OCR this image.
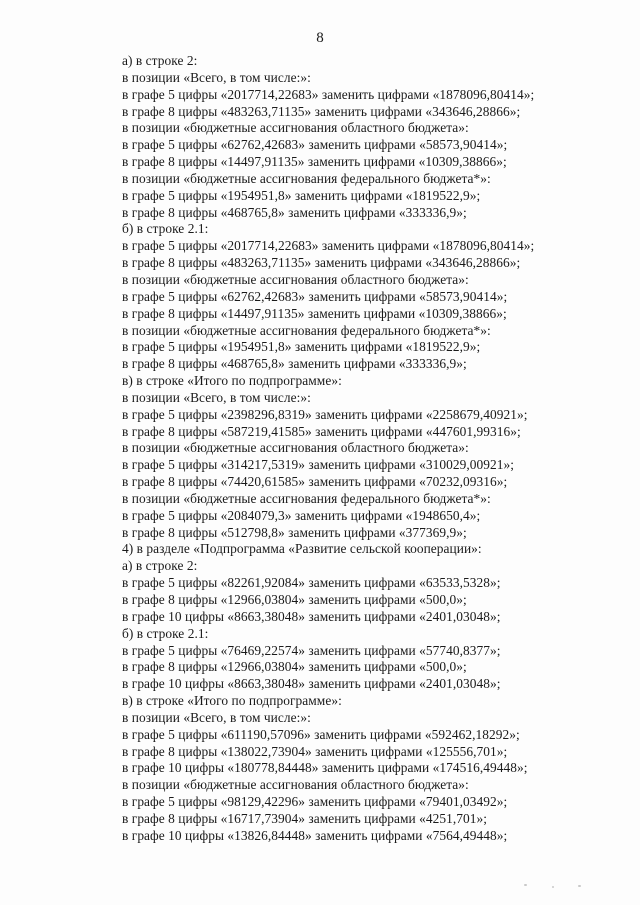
8
а) в строке 2:
в позиции «Всего, в том числе:»:
в графе 5 цифры «2017714,22683» заменить цифрами «1878096,80414»;
в графе 8 цифры «483263,71135» заменить цифрами «343646,28866»;
в позиции «бюджетные ассигнования областного бюджета»:
в графе 5 цифры «62762,42683» заменить цифрами «58573,90414»;
в графе 8 цифры «14497,91135» заменить цифрами «10309,38866»;
в позиции «бюджетные ассигнования федерального бюджета*»:
в графе 5 цифры «1954951,8» заменить цифрами «1819522,9»;
в графе 8 цифры «468765,8» заменить цифрами «333336,9»;
б) в строке 2.1:
в графе 5 цифры «2017714,22683» заменить цифрами «1878096,80414»;
в графе 8 цифры «483263,71135» заменить цифрами «343646,28866»;
в позиции «бюджетные ассигнования областного бюджета»:
в графе 5 цифры «62762,42683» заменить цифрами «58573,90414»;
в графе 8 цифры «14497,91135» заменить цифрами «10309,38866»;
в позиции «бюджетные ассигнования федерального бюджета*»:
в графе 5 цифры «1954951,8» заменить цифрами «1819522,9»;
в графе 8 цифры «468765,8» заменить цифрами «333336,9»;
в) в строке «Итого по подпрограмме»:
в позиции «Всего, в том числе:»:
в графе 5 цифры «2398296,8319» заменить цифрами «2258679,40921»;
в графе 8 цифры «587219,41585» заменить цифрами «447601,99316»;
в позиции «бюджетные ассигнования областного бюджета»:
в графе 5 цифры «314217,5319» заменить цифрами «310029,00921»;
в графе 8 цифры «74420,61585» заменить цифрами «70232,09316»;
в позиции «бюджетные ассигнования федерального бюджета*»:
в графе 5 цифры «2084079,3» заменить цифрами «1948650,4»;
в графе 8 цифры «512798,8» заменить цифрами «377369,9»;
4) в разделе «Подпрограмма «Развитие сельской кооперации»:
а) в строке 2:
в графе 5 цифры «82261,92084» заменить цифрами «63533,5328»;
в графе 8 цифры «12966,03804» заменить цифрами «500,0»;
в графе 10 цифры «8663,38048» заменить цифрами «2401,03048»;
б) в строке 2.1:
в графе 5 цифры «76469,22574» заменить цифрами «57740,8377»;
в графе 8 цифры «12966,03804» заменить цифрами «500,0»;
в графе 10 цифры «8663,38048» заменить цифрами «2401,03048»;
в) в строке «Итого по подпрограмме»:
в позиции «Всего, в том числе:»:
в графе 5 цифры «611190,57096» заменить цифрами «592462,18292»;
в графе 8 цифры «138022,73904» заменить цифрами «125556,701»;
в графе 10 цифры «180778,84448» заменить цифрами «174516,49448»;
в позиции «бюджетные ассигнования областного бюджета»:
в графе 5 цифры «98129,42296» заменить цифрами «79401,03492»;
в графе 8 цифры «16717,73904» заменить цифрами «4251,701»;
в графе 10 цифры «13826,84448» заменить цифрами «7564,49448»;
